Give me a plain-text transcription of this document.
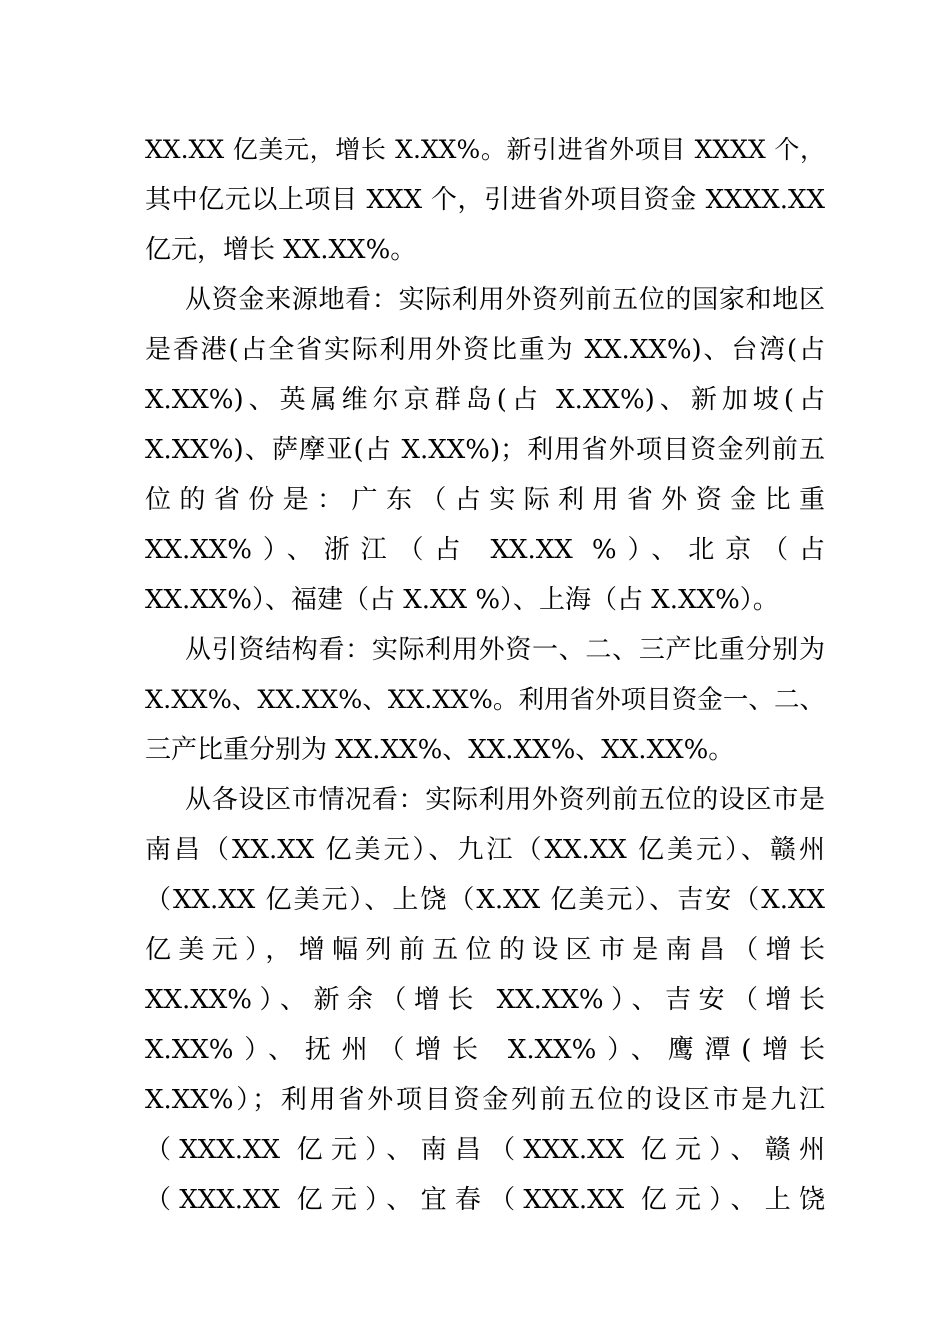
XX.XX 亿美元，增长 X.XX%。新引进省外项目 XXXX 个，
其中亿元以上项目 XXX 个，引进省外项目资金 XXXX.XX
亿元，增长 XX.XX%。
从资金来源地看：实际利用外资列前五位的国家和地区
是香港(占全省实际利用外资比重为 XX.XX%)、台湾(占
X.XX%)、英属维尔京群岛(占 X.XX%)、新加坡(占
X.XX%)、萨摩亚(占 X.XX%)；利用省外项目资金列前五
位的省份是：广东（占实际利用省外资金比重
XX.XX%）、浙江（占 XX.XX %）、北京（占
XX.XX%）、福建（占 X.XX %）、上海（占 X.XX%）。
从引资结构看：实际利用外资一、二、三产比重分别为
X.XX%、XX.XX%、XX.XX%。利用省外项目资金一、二、
三产比重分别为 XX.XX%、XX.XX%、XX.XX%。
从各设区市情况看：实际利用外资列前五位的设区市是
南昌（XX.XX 亿美元）、九江（XX.XX 亿美元）、赣州
（XX.XX 亿美元）、上饶（X.XX 亿美元）、吉安（X.XX
亿美元），增幅列前五位的设区市是南昌（增长
XX.XX%）、新余（增长 XX.XX%）、吉安（增长
X.XX%）、抚州（增长 X.XX%）、鹰潭(增长
X.XX%）；利用省外项目资金列前五位的设区市是九江
（XXX.XX 亿元）、南昌（XXX.XX 亿元）、赣州
（XXX.XX 亿元）、宜春（XXX.XX 亿元）、上饶
